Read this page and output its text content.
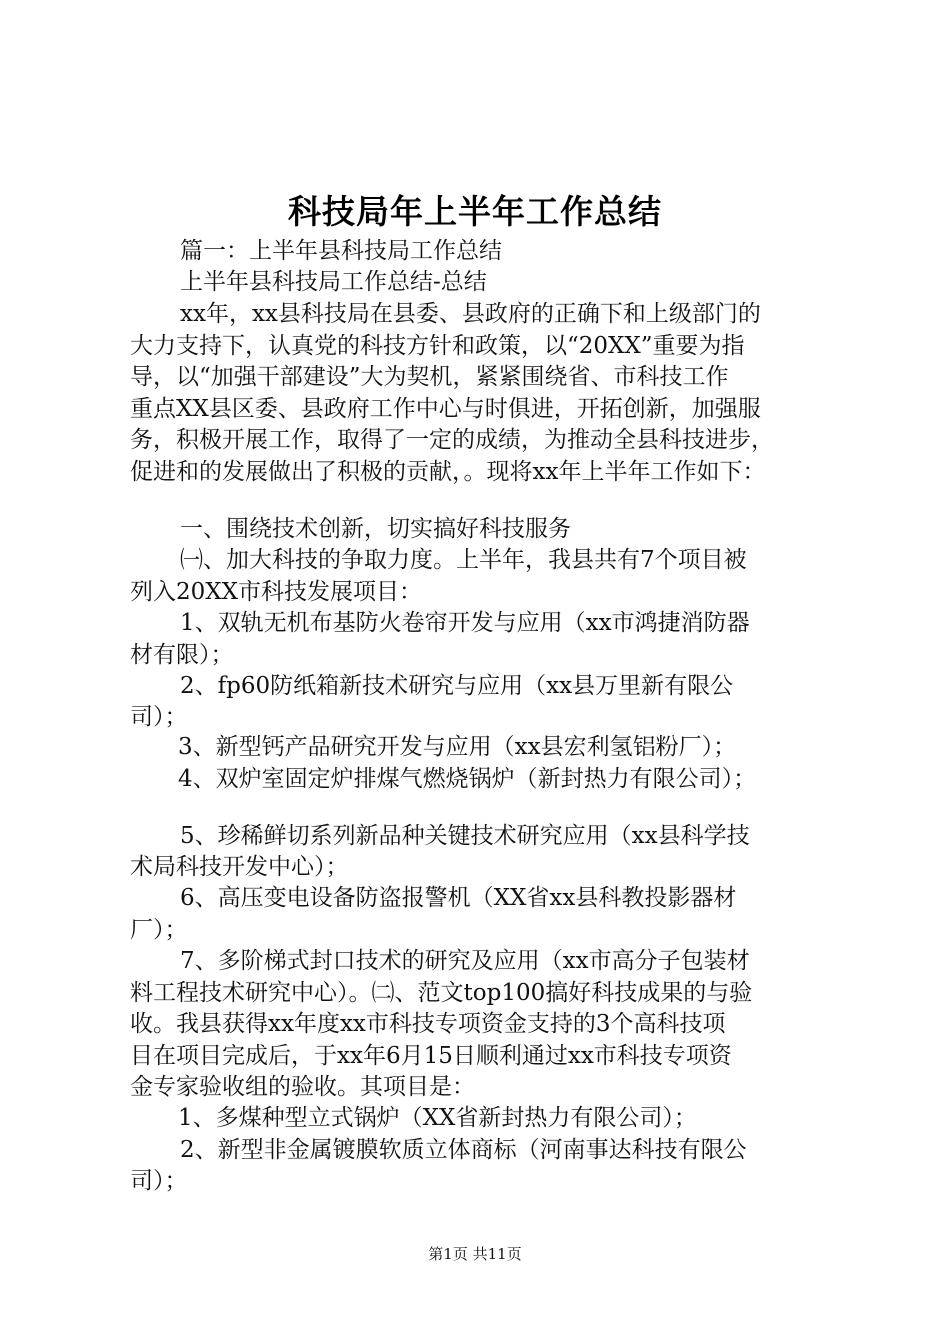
科技局年上半年工作总结
篇一：上半年县科技局工作总结
上半年县科技局工作总结-总结
xx年，xx县科技局在县委、县政府的正确下和上级部门的
大力支持下，认真党的科技方针和政策，以“20XX”重要为指
导，以“加强干部建设”大为契机，紧紧围绕省、市科技工作
重点XX县区委、县政府工作中心与时俱进，开拓创新，加强服
务，积极开展工作，取得了一定的成绩，为推动全县科技进步，
促进和的发展做出了积极的贡献，。现将xx年上半年工作如下：
一、围绕技术创新，切实搞好科技服务
㈠、加大科技的争取力度。上半年，我县共有7个项目被
列入20XX市科技发展项目：
1、双轨无机布基防火卷帘开发与应用（xx市鸿捷消防器
材有限）；
2、fp60防纸箱新技术研究与应用（xx县万里新有限公
司）；
3、新型钙产品研究开发与应用（xx县宏利氢铝粉厂）；
4、双炉室固定炉排煤气燃烧锅炉（新封热力有限公司）；
5、珍稀鲜切系列新品种关键技术研究应用（xx县科学技
术局科技开发中心）；
6、高压变电设备防盗报警机（XX省xx县科教投影器材
厂）；
7、多阶梯式封口技术的研究及应用（xx市高分子包装材
料工程技术研究中心）。㈡、范文top100搞好科技成果的与验
收。我县获得xx年度xx市科技专项资金支持的3个高科技项
目在项目完成后，于xx年6月15日顺利通过xx市科技专项资
金专家验收组的验收。其项目是：
1、多煤种型立式锅炉（XX省新封热力有限公司）；
2、新型非金属镀膜软质立体商标（河南事达科技有限公
司）；
第1页 共11页
